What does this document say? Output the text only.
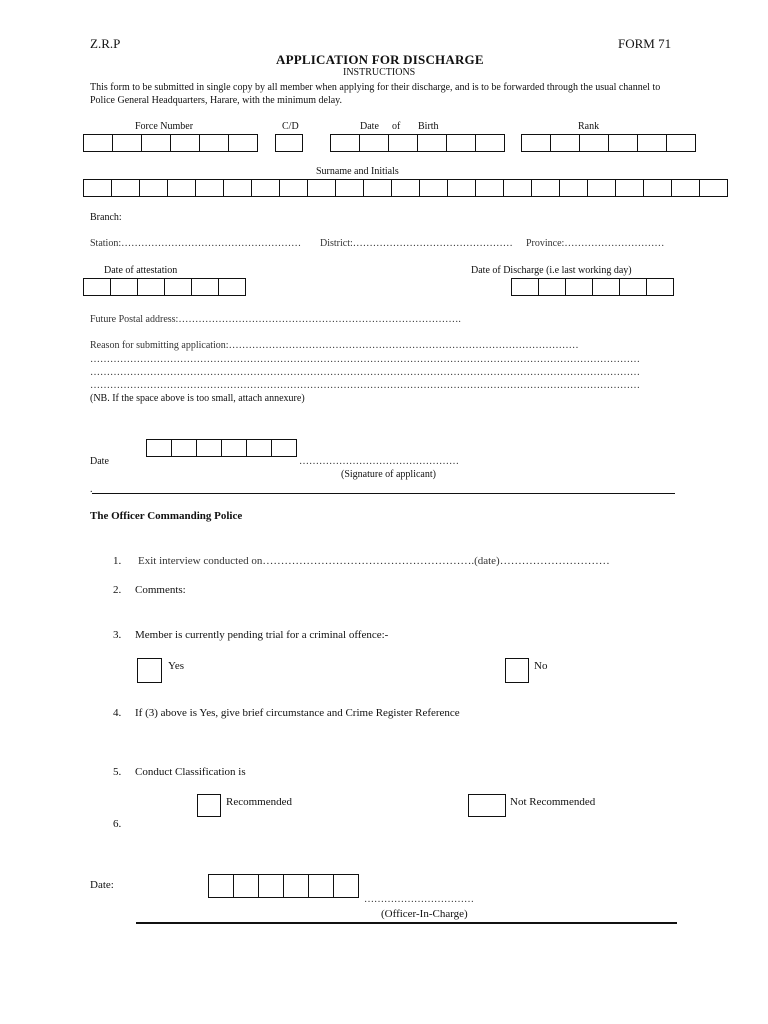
Z.R.P	FORM 71
APPLICATION FOR DISCHARGE
INSTRUCTIONS
This form to be submitted in single copy by all member when applying for their discharge, and is to be forwarded through the usual channel to Police General Headquarters, Harare, with the minimum delay.
Force Number	C/D	Date of Birth	Rank
Surname and Initials
Branch:
Station:……………………………………………… District:………………………………………… Province:…………………………
Date of attestation	Date of Discharge (i.e last working day)
Future Postal address:………………………………………………………………………….
Reason for submitting application:……………………………………………………………………………………………
…………………………………………………………………………………………………………………………………………………
…………………………………………………………………………………………………………………………………………………
…………………………………………………………………………………………………………………………………………………
(NB. If the space above is too small, attach annexure)
Date	…………………………………………
(Signature of applicant)
.
The Officer Commanding Police
1. Exit interview conducted on………………………………………………….(date)…………………………
2. Comments:
3. Member is currently pending trial for a criminal offence:-
Yes	No
4. If (3) above is Yes, give brief circumstance and Crime Register Reference
5. Conduct Classification is
Recommended	Not Recommended
6.
Date:
……………………………
(Officer-In-Charge)
